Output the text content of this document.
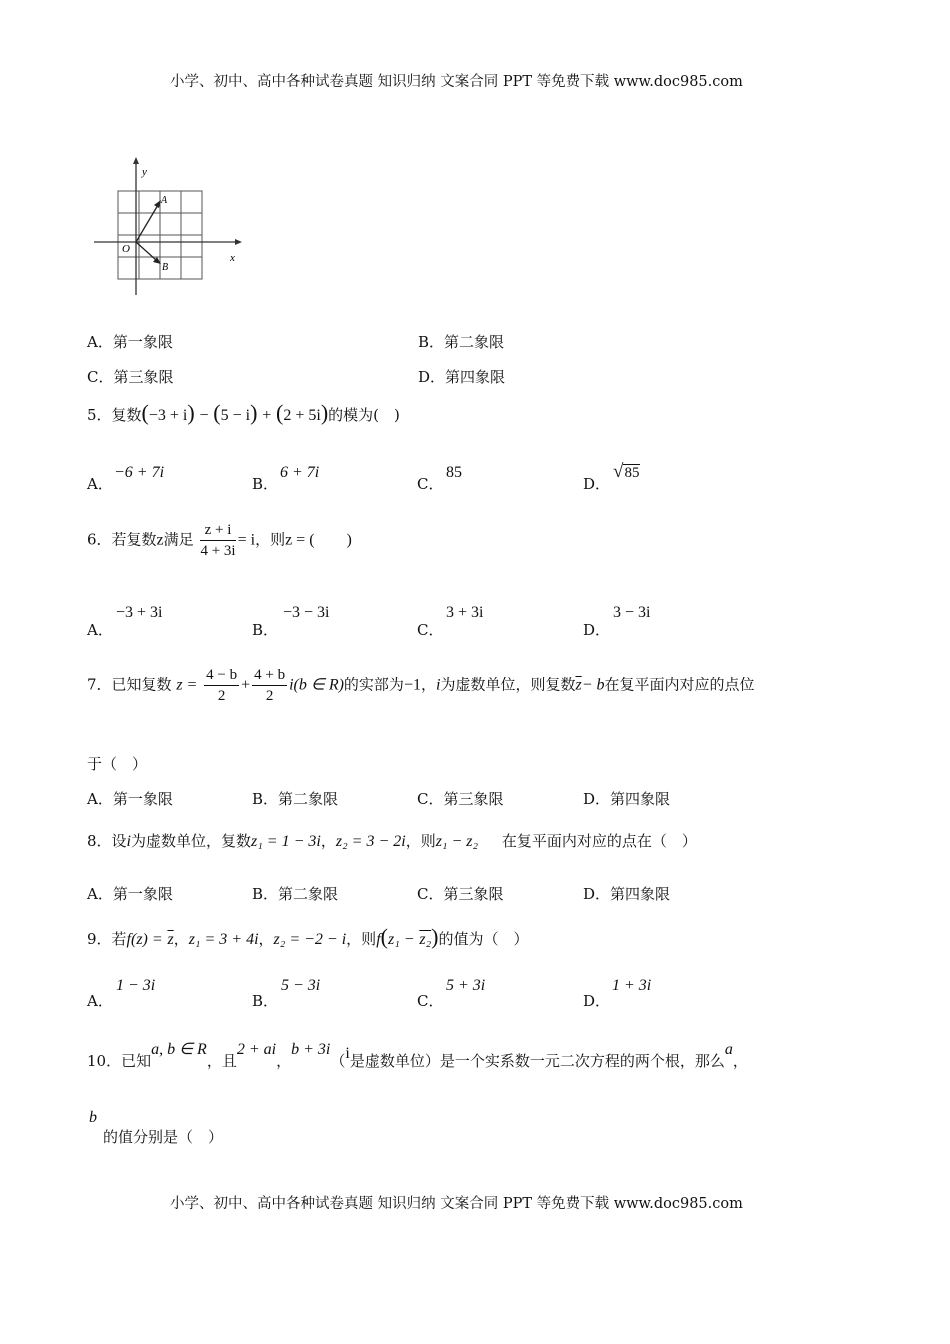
小学、初中、高中各种试卷真题 知识归纳 文案合同 PPT 等免费下载 www.doc985.com
y
x
O
A
B
A．第一象限	B．第二象限
C．第三象限	D．第四象限
5．复数(−3 + i) − (5 − i) + (2 + 5i)的模为(　)
A．
−6 + 7i
B．
6 + 7i
C．
85
D．
√85
6．若复数z满足 $\frac{z + i}{4 + 3i} = i$，则z = (　　)
A．
−3 + 3i
B．
−3 − 3i
C．
3 + 3i
D．
3 − 3i
7．已知复数 $z = \frac{4 - b}{2} + \frac{4 + b}{2} i(b$ ∈ R)的实部为−1，i为虚数单位，则复数$\overline{z}- b$在复平面内对应的点位
于（　）
A．第一象限	B．第二象限	C．第三象限	D．第四象限
8．设i为虚数单位，复数z₁ = 1 − 3i，z₂ = 3 − 2i，则z₁ − z₂ 在复平面内对应的点在（　）
A．第一象限	B．第二象限	C．第三象限	D．第四象限
9．若$f(z) = \overline{z}$，z₁ = 3 + 4i，z₂ = −2 − i，则f(z₁ − z₂)的值为（　）
A．
1 − 3i
B．
5 − 3i
C．
5 + 3i
D．
1 + 3i
10．已知a, b ∈ R，且2 + ai，b + 3i（i是虚数单位）是一个实系数一元二次方程的两个根，那么a，
b
的值分别是（　）
小学、初中、高中各种试卷真题 知识归纳 文案合同 PPT 等免费下载 www.doc985.com
